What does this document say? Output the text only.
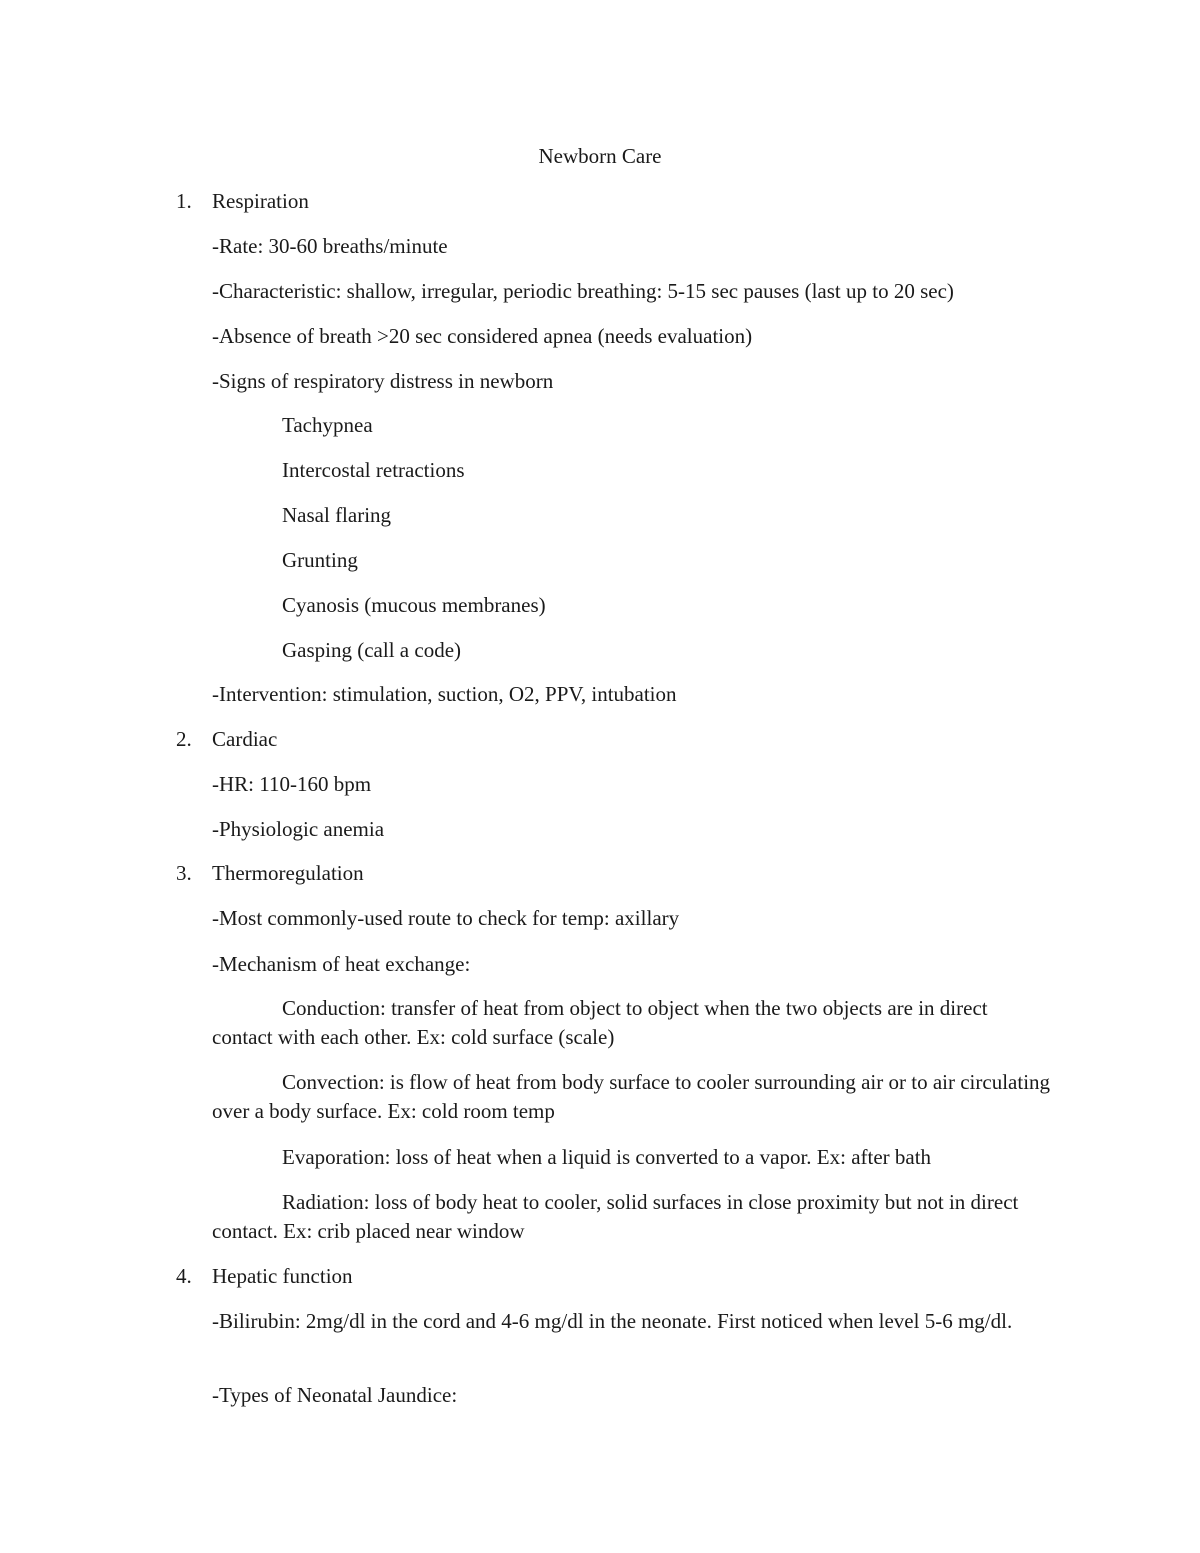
Newborn Care
1. Respiration
-Rate: 30-60 breaths/minute
-Characteristic: shallow, irregular, periodic breathing: 5-15 sec pauses (last up to 20 sec)
-Absence of breath >20 sec considered apnea (needs evaluation)
-Signs of respiratory distress in newborn
Tachypnea
Intercostal retractions
Nasal flaring
Grunting
Cyanosis (mucous membranes)
Gasping (call a code)
-Intervention: stimulation, suction, O2, PPV, intubation
2. Cardiac
-HR: 110-160 bpm
-Physiologic anemia
3. Thermoregulation
-Most commonly-used route to check for temp: axillary
-Mechanism of heat exchange:
Conduction: transfer of heat from object to object when the two objects are in direct contact with each other. Ex: cold surface (scale)
Convection: is flow of heat from body surface to cooler surrounding air or to air circulating over a body surface. Ex: cold room temp
Evaporation: loss of heat when a liquid is converted to a vapor. Ex: after bath
Radiation: loss of body heat to cooler, solid surfaces in close proximity but not in direct contact. Ex: crib placed near window
4. Hepatic function
-Bilirubin: 2mg/dl in the cord and 4-6 mg/dl in the neonate. First noticed when level 5-6 mg/dl.
-Types of Neonatal Jaundice:
